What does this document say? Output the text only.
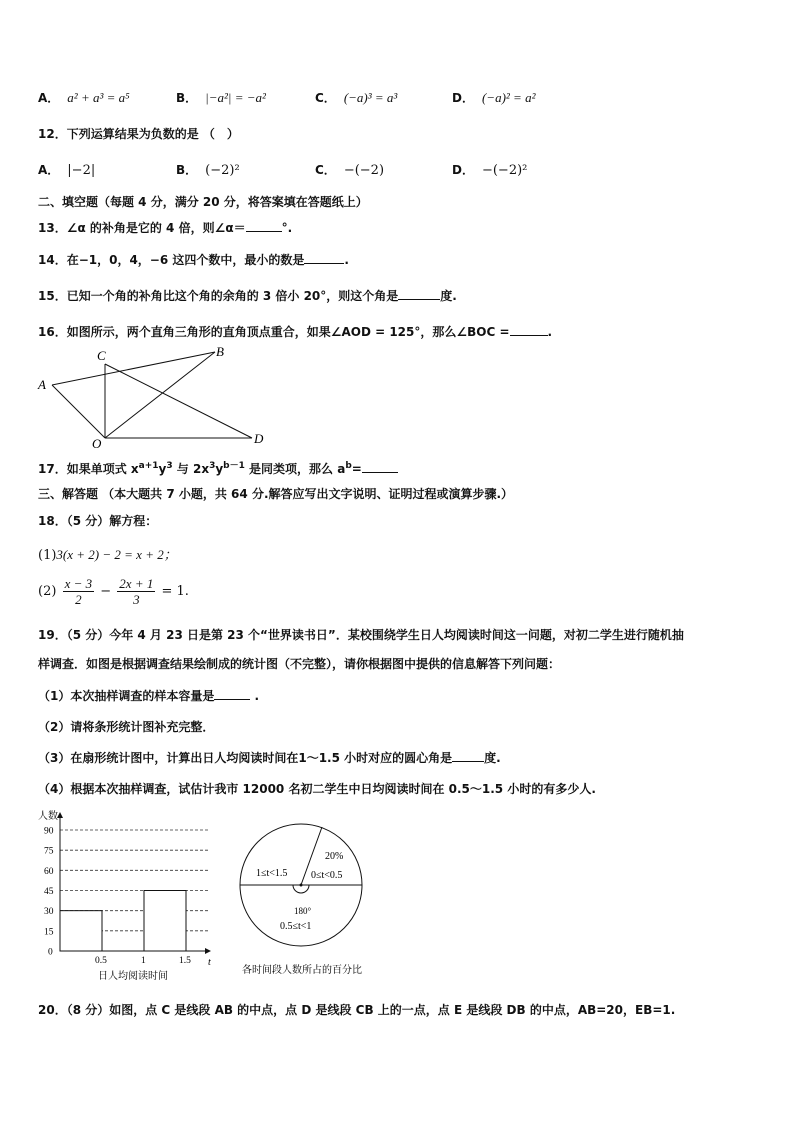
A． a² + a³ = a⁵	B． |−a²| = −a²	C． (−a)³ = a³	D． (−a)² = a²
12．下列运算结果为负数的是 （　）
A． |−2|	B． (−2)²	C． −(−2)	D． −(−2)²
二、填空题（每题 4 分，满分 20 分，将答案填在答题纸上）
13．∠α 的补角是它的 4 倍，则∠α＝	°.
14．在−1，0，4，−6 这四个数中，最小的数是	.
15．已知一个角的补角比这个角的余角的 3 倍小 20°，则这个角是	度.
16．如图所示，两个直角三角形的直角顶点重合，如果∠AOD = 125°，那么∠BOC =	.
A
B
C
O	D
17．如果单项式 $x^{a+1}y^3$ 与 $2x^3y^{b-1}$ 是同类项，那么 $a^b=$
三、解答题 （本大题共 7 小题，共 64 分.解答应写出文字说明、证明过程或演算步骤.）
18．（5 分）解方程：
(1)3(x + 2) − 2 = x + 2；
$(2) \frac{x - 3}{2} - \frac{2x + 1}{3} = 1$.
19．（5 分）今年 4 月 23 日是第 23 个“世界读书日”．某校围绕学生日人均阅读时间这一问题，对初二学生进行随机抽
样调查．如图是根据调查结果绘制成的统计图（不完整），请你根据图中提供的信息解答下列问题：
（1）本次抽样调查的样本容量是	.
（2）请将条形统计图补充完整．
（3）在扇形统计图中，计算出日人均阅读时间在1～1.5 小时对应的圆心角是	度.
（4）根据本次抽样调查，试估计我市 12000 名初二学生中日均阅读时间在 0.5～1.5 小时的有多少人.
人数
t
日人均阅读时间
0
15
30
45
60
75
90
0.5	1	1.5
1≤t<1.5
20%
0≤t<0.5
180°
0.5≤t<1
各时间段人数所占的百分比
20．（8 分）如图，点 C 是线段 AB 的中点，点 D 是线段 CB 上的一点，点 E 是线段 DB 的中点，AB=20，EB=1.
